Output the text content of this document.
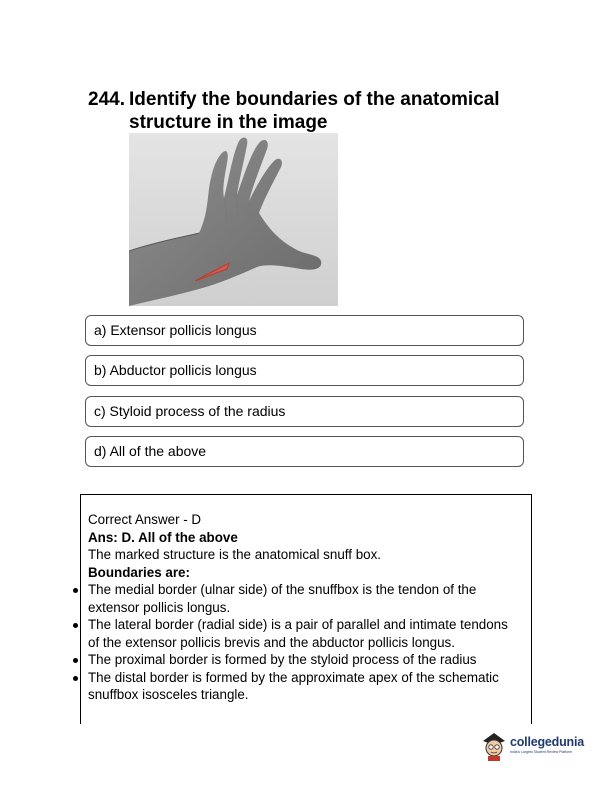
244. Identify the boundaries of the anatomical
structure in the image
a) Extensor pollicis longus
b) Abductor pollicis longus
c) Styloid process of the radius
d) All of the above

Correct Answer - D

Ans: D. All of the above

The marked structure is the anatomical snuff box.

Boundaries are:

The medial border (ulnar side) of the snuffbox is the tendon of the extensor pollicis longus.
The lateral border (radial side) is a pair of parallel and intimate tendons of the extensor pollicis brevis and the abductor pollicis longus.
The proximal border is formed by the styloid process of the radius
The distal border is formed by the approximate apex of the schematic snuffbox isosceles triangle.
collegedunia
India's Largest Student Review Platform
